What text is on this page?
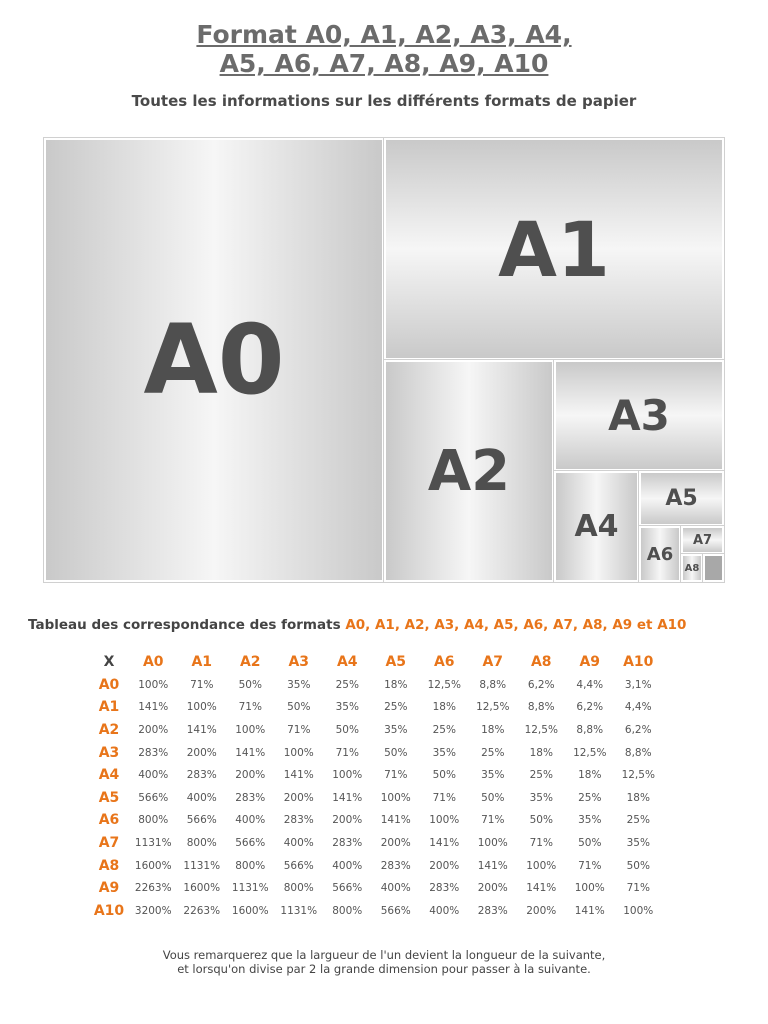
Format A0, A1, A2, A3, A4,
A5, A6, A7, A8, A9, A10
Toutes les informations sur les différents formats de papier
A0
A1
A2
A3
A4
A5
A6
A7
A8
Tableau des correspondance des formats A0, A1, A2, A3, A4, A5, A6, A7, A8, A9 et A10
X	A0	A1	A2	A3	A4	A5	A6	A7	A8	A9	A10
A0	100%	71%	50%	35%	25%	18%	12,5%	8,8%	6,2%	4,4%	3,1%
A1	141%	100%	71%	50%	35%	25%	18%	12,5%	8,8%	6,2%	4,4%
A2	200%	141%	100%	71%	50%	35%	25%	18%	12,5%	8,8%	6,2%
A3	283%	200%	141%	100%	71%	50%	35%	25%	18%	12,5%	8,8%
A4	400%	283%	200%	141%	100%	71%	50%	35%	25%	18%	12,5%
A5	566%	400%	283%	200%	141%	100%	71%	50%	35%	25%	18%
A6	800%	566%	400%	283%	200%	141%	100%	71%	50%	35%	25%
A7	1131%	800%	566%	400%	283%	200%	141%	100%	71%	50%	35%
A8	1600%	1131%	800%	566%	400%	283%	200%	141%	100%	71%	50%
A9	2263%	1600%	1131%	800%	566%	400%	283%	200%	141%	100%	71%
A10	3200%	2263%	1600%	1131%	800%	566%	400%	283%	200%	141%	100%
Vous remarquerez que la largueur de l'un devient la longueur de la suivante,
et lorsqu'on divise par 2 la grande dimension pour passer à la suivante.
